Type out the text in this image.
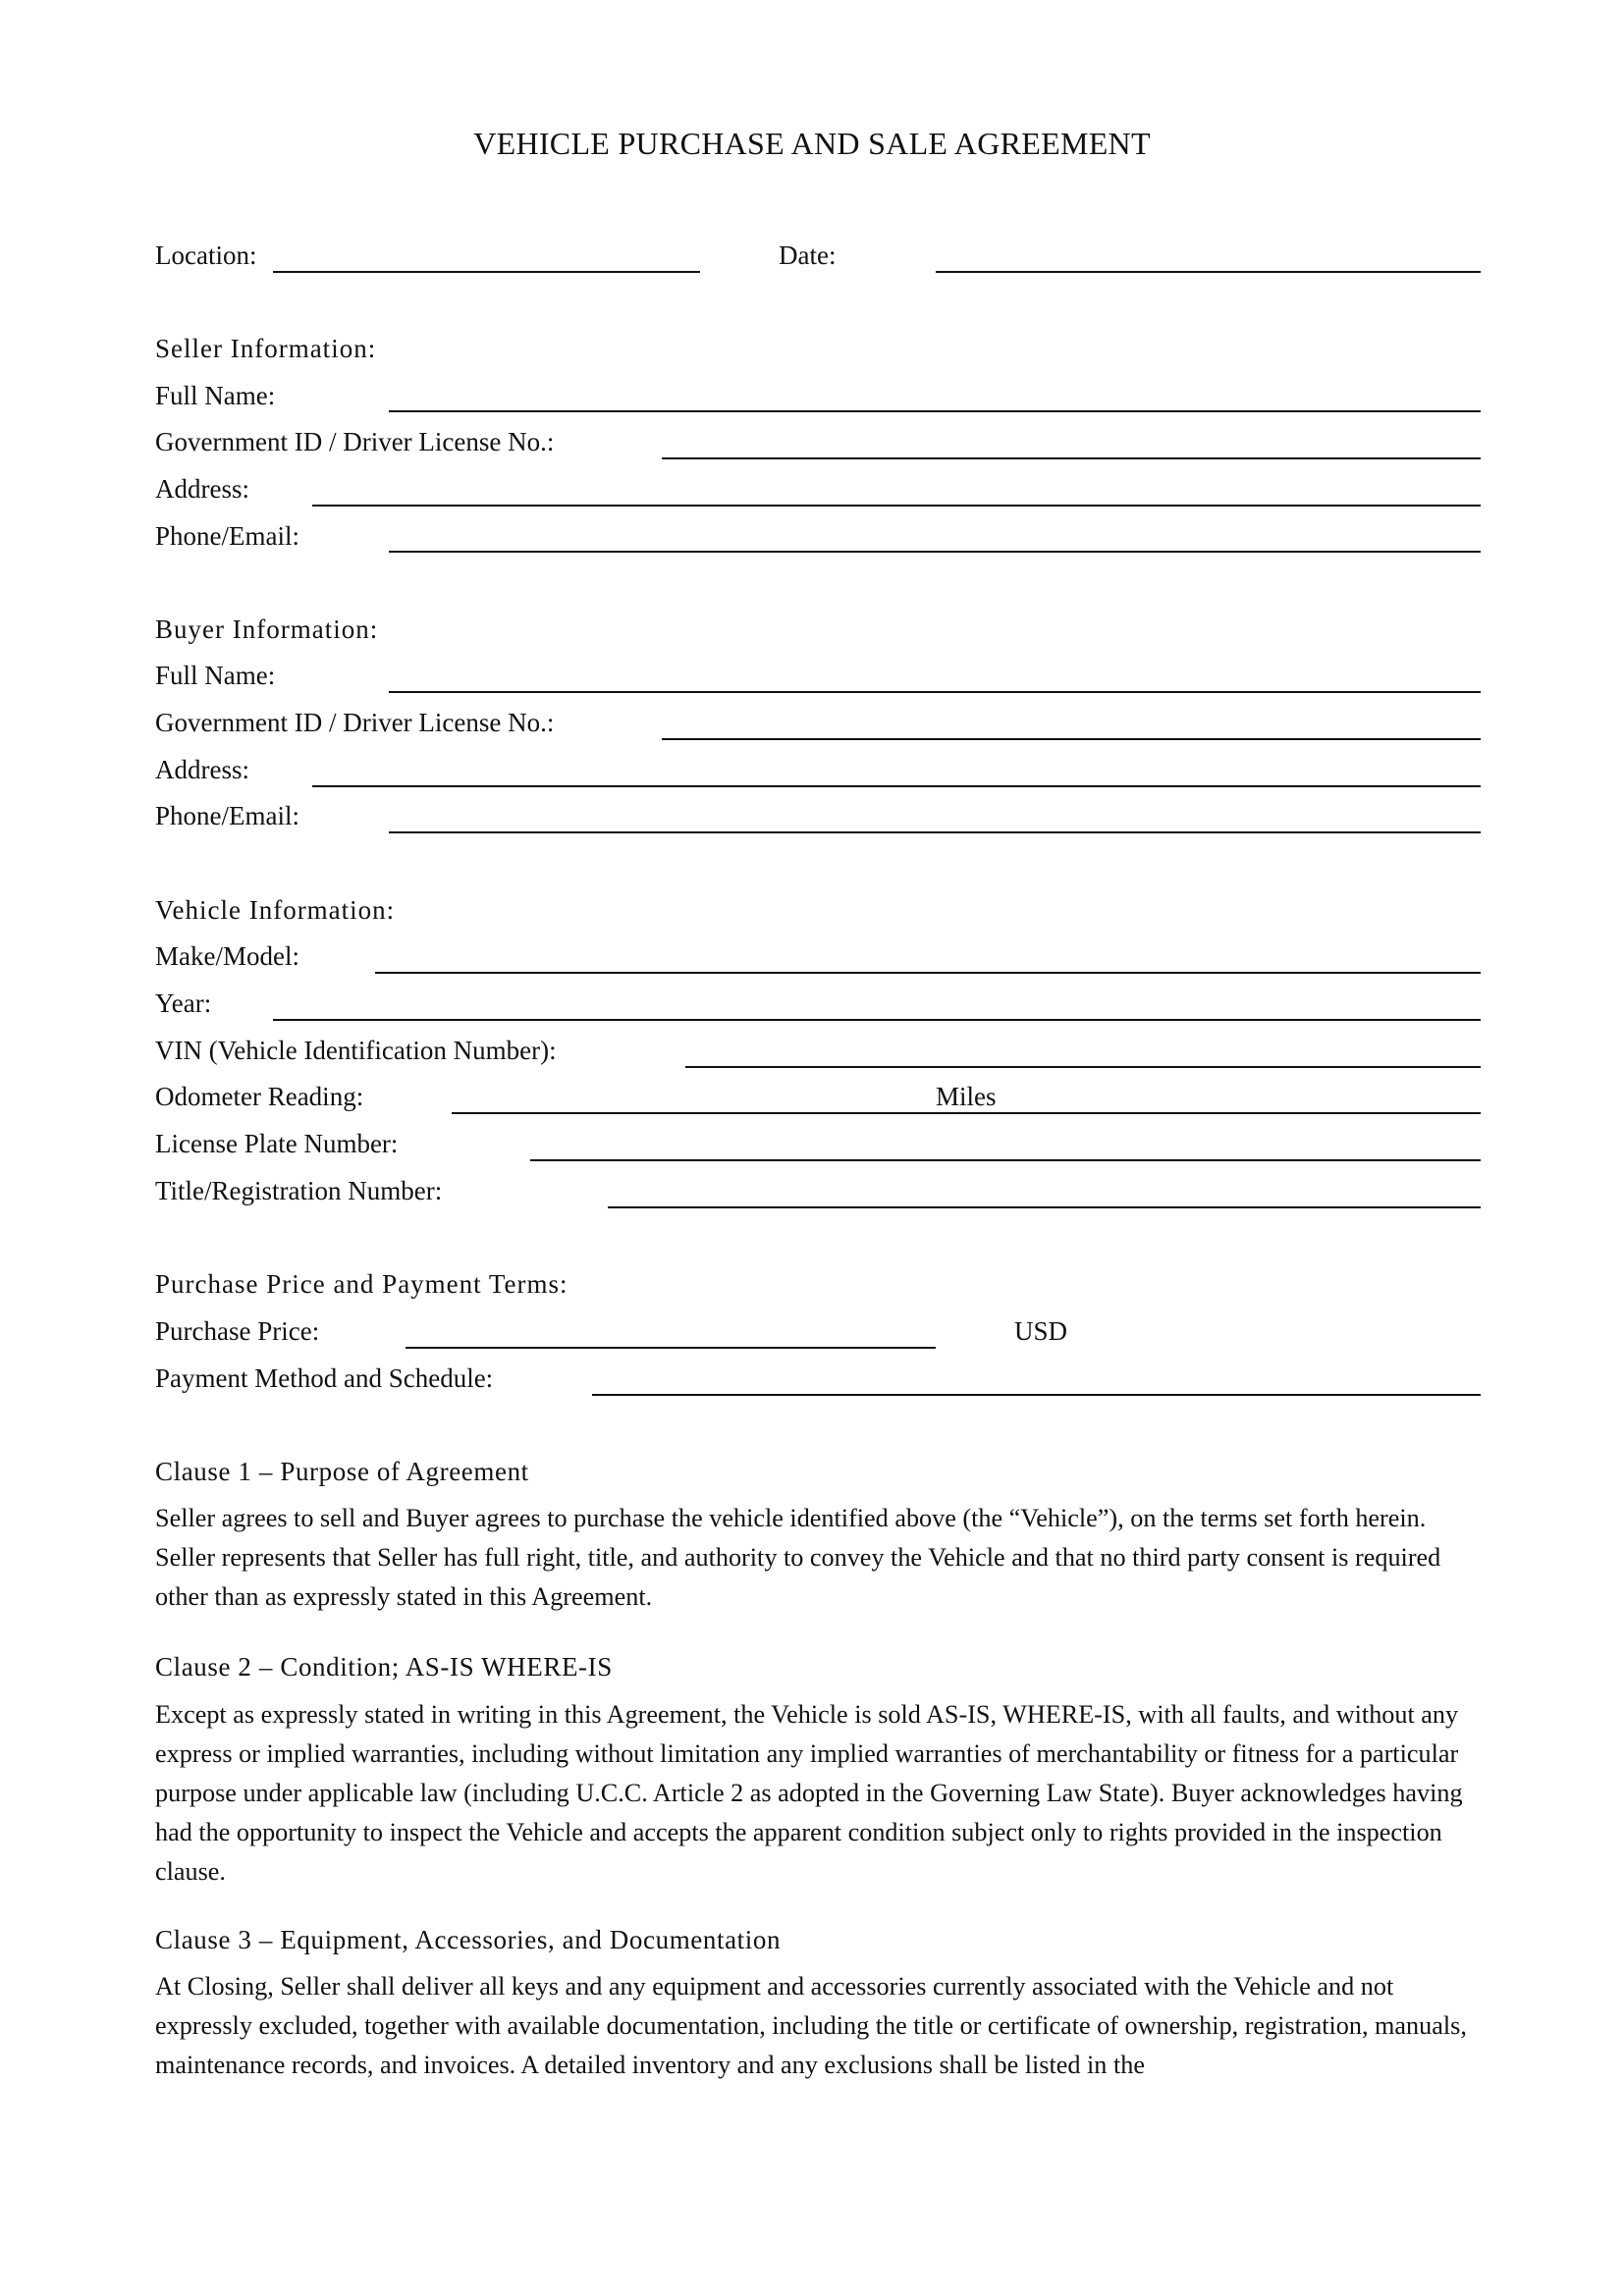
VEHICLE PURCHASE AND SALE AGREEMENT
Location:	Date:
Seller Information:
Full Name:
Government ID / Driver License No.:
Address:
Phone/Email:
Buyer Information:
Full Name:
Government ID / Driver License No.:
Address:
Phone/Email:
Vehicle Information:
Make/Model:
Year:
VIN (Vehicle Identification Number):
Odometer Reading:	Miles
License Plate Number:
Title/Registration Number:
Purchase Price and Payment Terms:
Purchase Price:	USD
Payment Method and Schedule:
Clause 1 – Purpose of Agreement

Seller agrees to sell and Buyer agrees to purchase the vehicle identified above (the “Vehicle”), on the terms set forth herein. Seller represents that Seller has full right, title, and authority to convey the Vehicle and that no third party consent is required other than as expressly stated in this Agreement.

Clause 2 – Condition; AS-IS WHERE-IS

Except as expressly stated in writing in this Agreement, the Vehicle is sold AS-IS, WHERE-IS, with all faults, and without any express or implied warranties, including without limitation any implied warranties of merchantability or fitness for a particular purpose under applicable law (including U.C.C. Article 2 as adopted in the Governing Law State). Buyer acknowledges having had the opportunity to inspect the Vehicle and accepts the apparent condition subject only to rights provided in the inspection clause.

Clause 3 – Equipment, Accessories, and Documentation

At Closing, Seller shall deliver all keys and any equipment and accessories currently associated with the Vehicle and not expressly excluded, together with available documentation, including the title or certificate of ownership, registration, manuals, maintenance records, and invoices. A detailed inventory and any exclusions shall be listed in the
